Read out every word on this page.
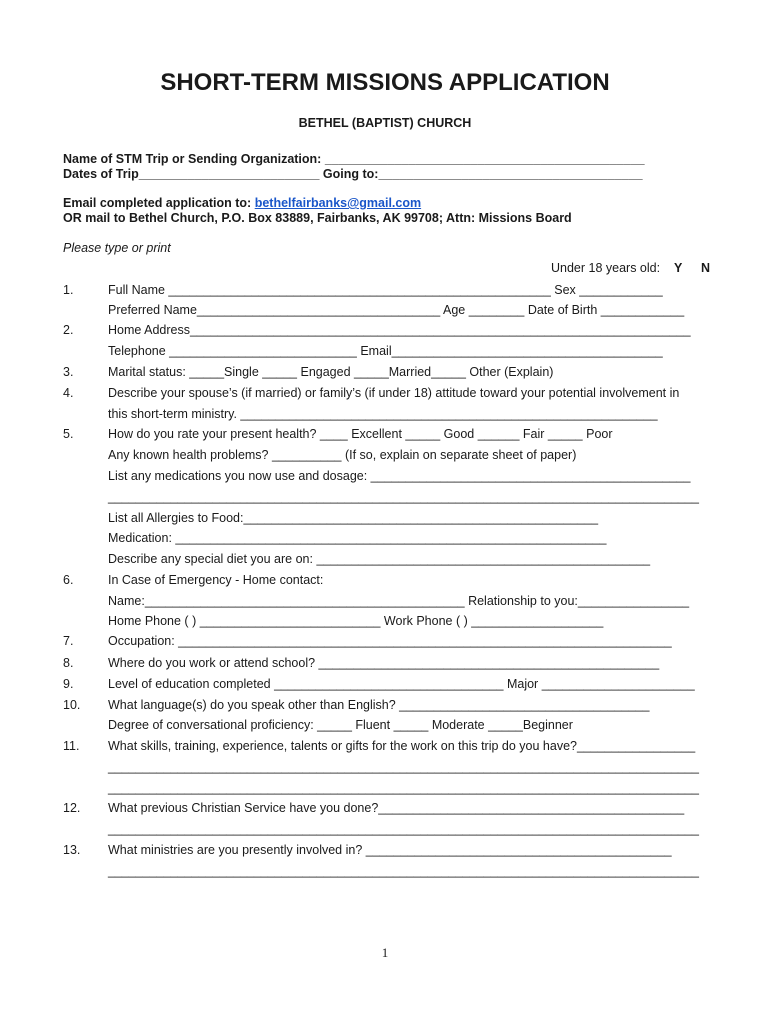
SHORT-TERM MISSIONS APPLICATION
BETHEL (BAPTIST) CHURCH
Name of STM Trip or Sending Organization: ______________________________________________
Dates of Trip__________________________ Going to:______________________________________
Email completed application to: bethelfairbanks@gmail.com
OR mail to Bethel Church, P.O. Box 83889, Fairbanks, AK 99708; Attn: Missions Board
Please type or print
Under 18 years old: Y N
1.
2.
3.
4.
5.
6.
7.
8.
9.
10.
11.
12.
13.
Full Name _______________________________________________________ Sex ____________
Preferred Name___________________________________ Age ________ Date of Birth ____________
Home Address________________________________________________________________________
Telephone ___________________________ Email_______________________________________
Marital status: _____Single _____ Engaged _____Married_____ Other (Explain)
Describe your spouse’s (if married) or family’s (if under 18) attitude toward your potential involvement in
this short-term ministry. ____________________________________________________________
How do you rate your present health? ____ Excellent _____ Good ______ Fair _____ Poor
Any known health problems? __________ (If so, explain on separate sheet of paper)
List any medications you now use and dosage: ______________________________________________
_____________________________________________________________________________________
List all Allergies to Food:___________________________________________________
Medication: ______________________________________________________________
Describe any special diet you are on: ________________________________________________
In Case of Emergency - Home contact:
Name:______________________________________________ Relationship to you:________________
Home Phone ( ) __________________________ Work Phone ( ) ___________________
Occupation: _______________________________________________________________________
Where do you work or attend school? _________________________________________________
Level of education completed _________________________________ Major ______________________
What language(s) do you speak other than English? ____________________________________
Degree of conversational proficiency: _____ Fluent _____ Moderate _____Beginner
What skills, training, experience, talents or gifts for the work on this trip do you have?_________________
_____________________________________________________________________________________
_____________________________________________________________________________________
What previous Christian Service have you done?____________________________________________
_____________________________________________________________________________________
What ministries are you presently involved in? ____________________________________________
_____________________________________________________________________________________
1
